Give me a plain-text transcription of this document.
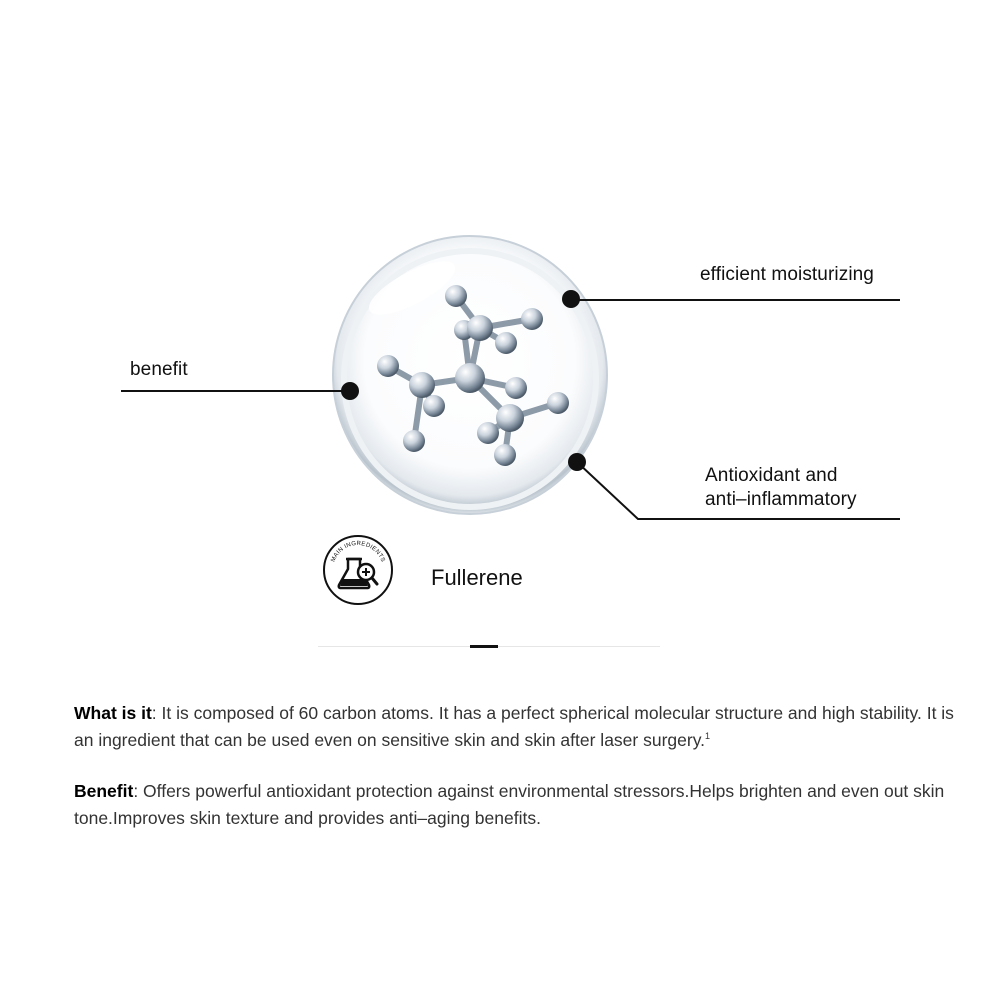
efficient moisturizing
benefit
Antioxidant and
anti–inflammatory
MAIN INGREDIENTS
Fullerene
What is it: It is composed of 60 carbon atoms. It has a perfect spherical molecular structure and high stability. It is an ingredient that can be used even on sensitive skin and skin after laser surgery.$^1$
Benefit: Offers powerful antioxidant protection against environmental stressors.Helps brighten and even out skin tone.Improves skin texture and provides anti–aging benefits.
